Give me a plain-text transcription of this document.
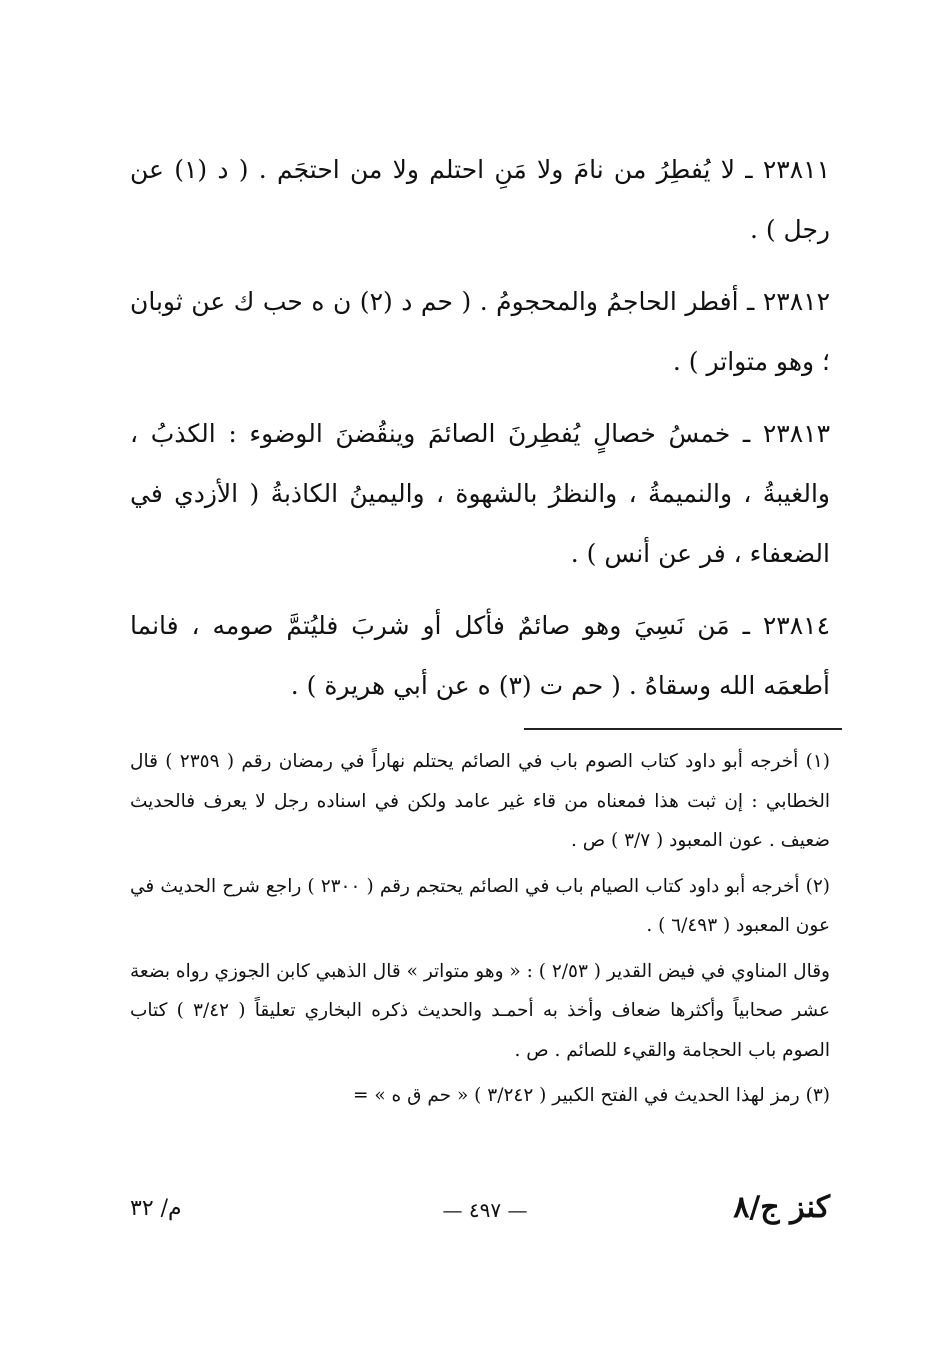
٢٣٨١١ ـ لا يُفطِرُ من نامَ ولا مَنِ احتلم ولا من احتجَم . ( د (١) عن رجل ) .

٢٣٨١٢ ـ أفطر الحاجمُ والمحجومُ . ( حم د (٢) ن ه حب ك عن ثوبان ؛ وهو متواتر ) .

٢٣٨١٣ ـ خمسُ خصالٍ يُفطِرنَ الصائمَ وينقُضنَ الوضوء : الكذبُ ، والغيبةُ ، والنميمةُ ، والنظرُ بالشهوة ، واليمينُ الكاذبةُ ( الأزدي في الضعفاء ، فر عن أنس ) .

٢٣٨١٤ ـ مَن نَسِيَ وهو صائمٌ فأكل أو شربَ فليُتمَّ صومه ، فانما أطعمَه الله وسقاهُ . ( حم ت (٣) ه عن أبي هريرة ) .

(١) أخرجه أبو داود كتاب الصوم باب في الصائم يحتلم نهاراً في رمضان رقم ( ٢٣٥٩ ) قال الخطابي : إن ثبت هذا فمعناه من قاء غير عامد ولكن في اسناده رجل لا يعرف فالحديث ضعيف . عون المعبود ( ٣/٧ ) ص .

(٢) أخرجه أبو داود كتاب الصيام باب في الصائم يحتجم رقم ( ٢٣٠٠ ) راجع شرح الحديث في عون المعبود ( ٦/٤٩٣ ) .

وقال المناوي في فيض القدير ( ٢/٥٣ ) : « وهو متواتر » قال الذهبي كابن الجوزي رواه بضعة عشر صحابياً وأكثرها ضعاف وأخذ به أحمـد والحديث ذكره البخاري تعليقاً ( ٣/٤٢ ) كتاب الصوم باب الحجامة والقيء للصائم . ص .

(٣) رمز لهذا الحديث في الفتح الكبير ( ٣/٢٤٢ ) « حم ق ه » =

م/ ٣٢	— ٤٩٧ —	كنز ج/٨
